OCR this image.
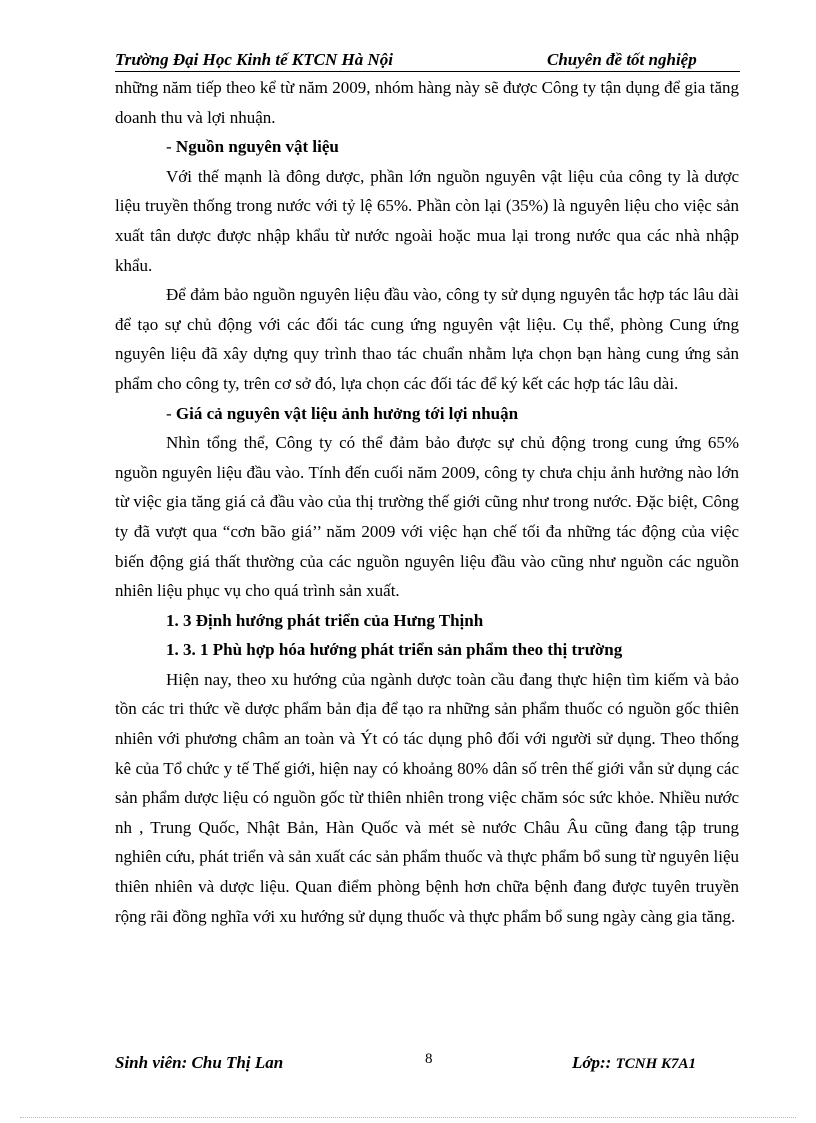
Trường Đại Học Kinh tế KTCN Hà Nội	Chuyên đề tốt nghiệp

những năm tiếp theo kể từ năm 2009, nhóm hàng này sẽ được Công ty tận dụng để gia tăng doanh thu và lợi nhuận.

- Nguồn nguyên vật liệu

Với thế mạnh là đông dược, phần lớn nguồn nguyên vật liệu của công ty là dược liệu truyền thống trong nước với tỷ lệ 65%. Phần còn lại (35%) là nguyên liệu cho việc sản xuất tân dược được nhập khẩu từ nước ngoài hoặc mua lại trong nước qua các nhà nhập khẩu.

Để đảm bảo nguồn nguyên liệu đầu vào, công ty sử dụng nguyên tắc hợp tác lâu dài để tạo sự chủ động với các đối tác cung ứng nguyên vật liệu. Cụ thể, phòng Cung ứng nguyên liệu đã xây dựng quy trình thao tác chuẩn nhằm lựa chọn bạn hàng cung ứng sản phẩm cho công ty, trên cơ sở đó, lựa chọn các đối tác để ký kết các hợp tác lâu dài.

- Giá cả nguyên vật liệu ảnh hưởng tới lợi nhuận

Nhìn tổng thể, Công ty có thể đảm bảo được sự chủ động trong cung ứng 65% nguồn nguyên liệu đầu vào. Tính đến cuối năm 2009, công ty chưa chịu ảnh hưởng nào lớn từ việc gia tăng giá cả đầu vào của thị trường thế giới cũng như trong nước. Đặc biệt, Công ty đã vượt qua “cơn bão giá’’ năm 2009 với việc hạn chế tối đa những tác động của việc biến động giá thất thường của các nguồn nguyên liệu đầu vào cũng như nguồn các nguồn nhiên liệu phục vụ cho quá trình sản xuất.

1. 3 Định hướng phát triển của Hưng Thịnh

1. 3. 1 Phù hợp hóa hướng phát triển sản phẩm theo thị trường

Hiện nay, theo xu hướng của ngành dược toàn cầu đang thực hiện tìm kiếm và bảo tồn các tri thức về dược phẩm bản địa để tạo ra những sản phẩm thuốc có nguồn gốc thiên nhiên với phương châm an toàn và Ýt có tác dụng phô đối với người sử dụng. Theo thống kê của Tổ chức y tế Thế giới, hiện nay có khoảng 80% dân số trên thế giới vẫn sử dụng các sản phẩm dược liệu có nguồn gốc từ thiên nhiên trong việc chăm sóc sức khỏe. Nhiều nước nh , Trung Quốc, Nhật Bản, Hàn Quốc và mét sè nước Châu Âu cũng đang tập trung nghiên cứu, phát triển và sản xuất các sản phẩm thuốc và thực phẩm bổ sung từ nguyên liệu thiên nhiên và dược liệu. Quan điểm phòng bệnh hơn chữa bệnh đang được tuyên truyền rộng rãi đồng nghĩa với xu hướng sử dụng thuốc và thực phẩm bổ sung ngày càng gia tăng.

Sinh viên: Chu Thị Lan	8	Lớp:: TCNH K7A1
